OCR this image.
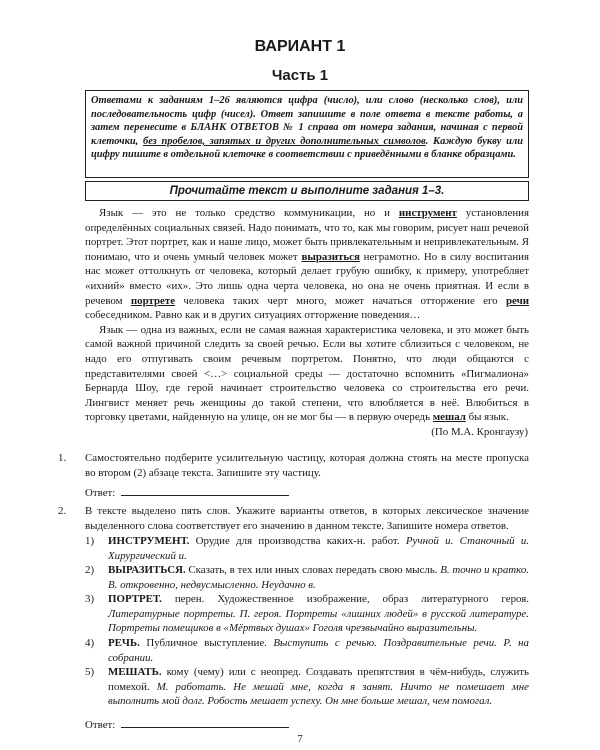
ВАРИАНТ 1
Часть 1
Ответами к заданиям 1–26 являются цифра (число), или слово (несколько слов), или последовательность цифр (чисел). Ответ запишите в поле ответа в тексте работы, а затем перенесите в БЛАНК ОТВЕТОВ № 1 справа от номера задания, начиная с первой клеточки, без пробелов, запятых и других дополнительных символов. Каждую букву или цифру пишите в отдельной клеточке в соответствии с приведёнными в бланке образцами.
Прочитайте текст и выполните задания 1–3.

Язык — это не только средство коммуникации, но и инструмент установления определённых социальных связей. Надо понимать, что то, как мы говорим, рисует наш речевой портрет. Этот портрет, как и наше лицо, может быть привлекательным и непривлекательным. Я понимаю, что и очень умный человек может выразиться неграмотно. Но в силу воспитания нас может оттолкнуть от человека, который делает грубую ошибку, к примеру, употребляет «ихний» вместо «их». Это лишь одна черта человека, но она не очень приятная. И если в речевом портрете человека таких черт много, может начаться отторжение его речи собеседником. Равно как и в других ситуациях отторжение поведения…

Язык — одна из важных, если не самая важная характеристика человека, и это может быть самой важной причиной следить за своей речью. Если вы хотите сблизиться с человеком, не надо его отпугивать своим речевым портретом. Понятно, что люди общаются с представителями своей <…> социальной среды — достаточно вспомнить «Пигмалиона» Бернарда Шоу, где герой начинает строительство человека со строительства его речи. Лингвист меняет речь женщины до такой степени, что влюбляется в неё. Влюбиться в торговку цветами, найденную на улице, он не мог бы — в первую очередь мешал бы язык.

(По М.А. Кронгаузу)
1. Самостоятельно подберите усилительную частицу, которая должна стоять на месте пропуска во втором (2) абзаце текста. Запишите эту частицу.
Ответ:
2. В тексте выделено пять слов. Укажите варианты ответов, в которых лексическое значение выделенного слова соответствует его значению в данном тексте. Запишите номера ответов.
1) ИНСТРУМЕНТ. Орудие для производства каких-н. работ. Ручной и. Станочный и. Хирургический и.
2) ВЫРАЗИТЬСЯ. Сказать, в тех или иных словах передать свою мысль. В. точно и кратко. В. откровенно, недвусмысленно. Неудачно в.
3) ПОРТРЕТ. перен. Художественное изображение, образ литературного героя. Литературные портреты. П. героя. Портреты «лишних людей» в русской литературе. Портреты помещиков в «Мёртвых душах» Гоголя чрезвычайно выразительны.
4) РЕЧЬ. Публичное выступление. Выступить с речью. Поздравительные речи. Р. на собрании.
5) МЕШАТЬ. кому (чему) или с неопред. Создавать препятствия в чём-нибудь, служить помехой. М. работать. Не мешай мне, когда я занят. Ничто не помешает мне выполнить мой долг. Робость мешает успеху. Он мне больше мешал, чем помогал.
Ответ:
7
